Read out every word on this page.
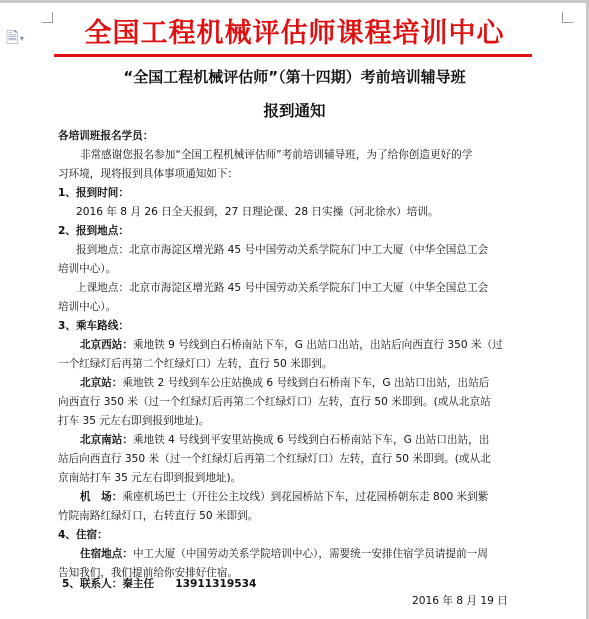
🗎▾	全国工程机械评估师课程培训中心
“全国工程机械评估师”（第十四期）考前培训辅导班
报到通知
各培训班报名学员：
非常感谢您报名参加“全国工程机械评估师”考前培训辅导班，为了给你创造更好的学
习环境，现将报到具体事项通知如下：
1、报到时间：
2016 年 8 月 26 日全天报到，27 日理论课、28 日实操（河北徐水）培训。
2、报到地点：
报到地点：北京市海淀区增光路 45 号中国劳动关系学院东门中工大厦（中华全国总工会
培训中心）。
上课地点：北京市海淀区增光路 45 号中国劳动关系学院东门中工大厦（中华全国总工会
培训中心）。
3、乘车路线：
北京西站：乘地铁 9 号线到白石桥南站下车，G 出站口出站，出站后向西直行 350 米（过
一个红绿灯后再第二个红绿灯口）左转，直行 50 米即到。
北京站：乘地铁 2 号线到车公庄站换成 6 号线到白石桥南下车，G 出站口出站，出站后
向西直行 350 米（过一个红绿灯后再第二个红绿灯口）左转，直行 50 米即到。(或从北京站
打车 35 元左右即到报到地址)。
北京南站：乘地铁 4 号线到平安里站换成 6 号线到白石桥南站下车，G 出站口出站，出
站后向西直行 350 米（过一个红绿灯后再第二个红绿灯口）左转，直行 50 米即到。(或从北
京南站打车 35 元左右即到报到地址)。
机　场：乘座机场巴士（开往公主坟线）到花园桥站下车，过花园桥朝东走 800 米到紫
竹院南路红绿灯口，右转直行 50 米即到。
4、住宿：
住宿地点：中工大厦（中国劳动关系学院培训中心），需要统一安排住宿学员请提前一周
告知我们，我们提前给你安排好住宿。
5、联系人：秦主任　　13911319534
2016 年 8 月 19 日
